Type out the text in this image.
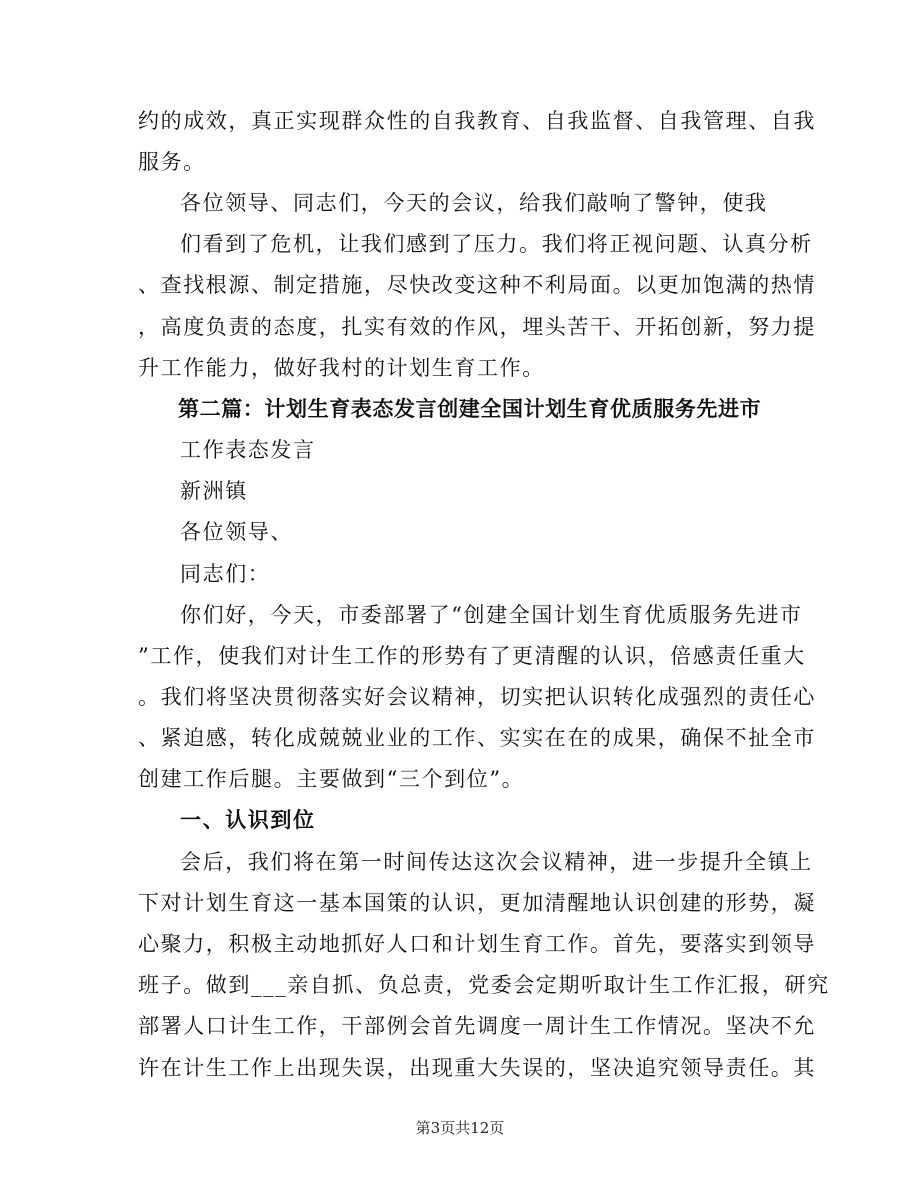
约的成效，真正实现群众性的自我教育、自我监督、自我管理、自我
服务。
各位领导、同志们，今天的会议，给我们敲响了警钟，使我
们看到了危机，让我们感到了压力。我们将正视问题、认真分析
、查找根源、制定措施，尽快改变这种不利局面。以更加饱满的热情
，高度负责的态度，扎实有效的作风，埋头苦干、开拓创新，努力提
升工作能力，做好我村的计划生育工作。
第二篇：计划生育表态发言创建全国计划生育优质服务先进市
工作表态发言
新洲镇
各位领导、
同志们：
你们好，今天，市委部署了“创建全国计划生育优质服务先进市
”工作，使我们对计生工作的形势有了更清醒的认识，倍感责任重大
。我们将坚决贯彻落实好会议精神，切实把认识转化成强烈的责任心
、紧迫感，转化成兢兢业业的工作、实实在在的成果，确保不扯全市
创建工作后腿。主要做到“三个到位”。
一、认识到位
会后，我们将在第一时间传达这次会议精神，进一步提升全镇上
下对计划生育这一基本国策的认识，更加清醒地认识创建的形势，凝
心聚力，积极主动地抓好人口和计划生育工作。首先，要落实到领导
班子。做到___亲自抓、负总责，党委会定期听取计生工作汇报，研究
部署人口计生工作，干部例会首先调度一周计生工作情况。坚决不允
许在计生工作上出现失误，出现重大失误的，坚决追究领导责任。其
第3页共12页
